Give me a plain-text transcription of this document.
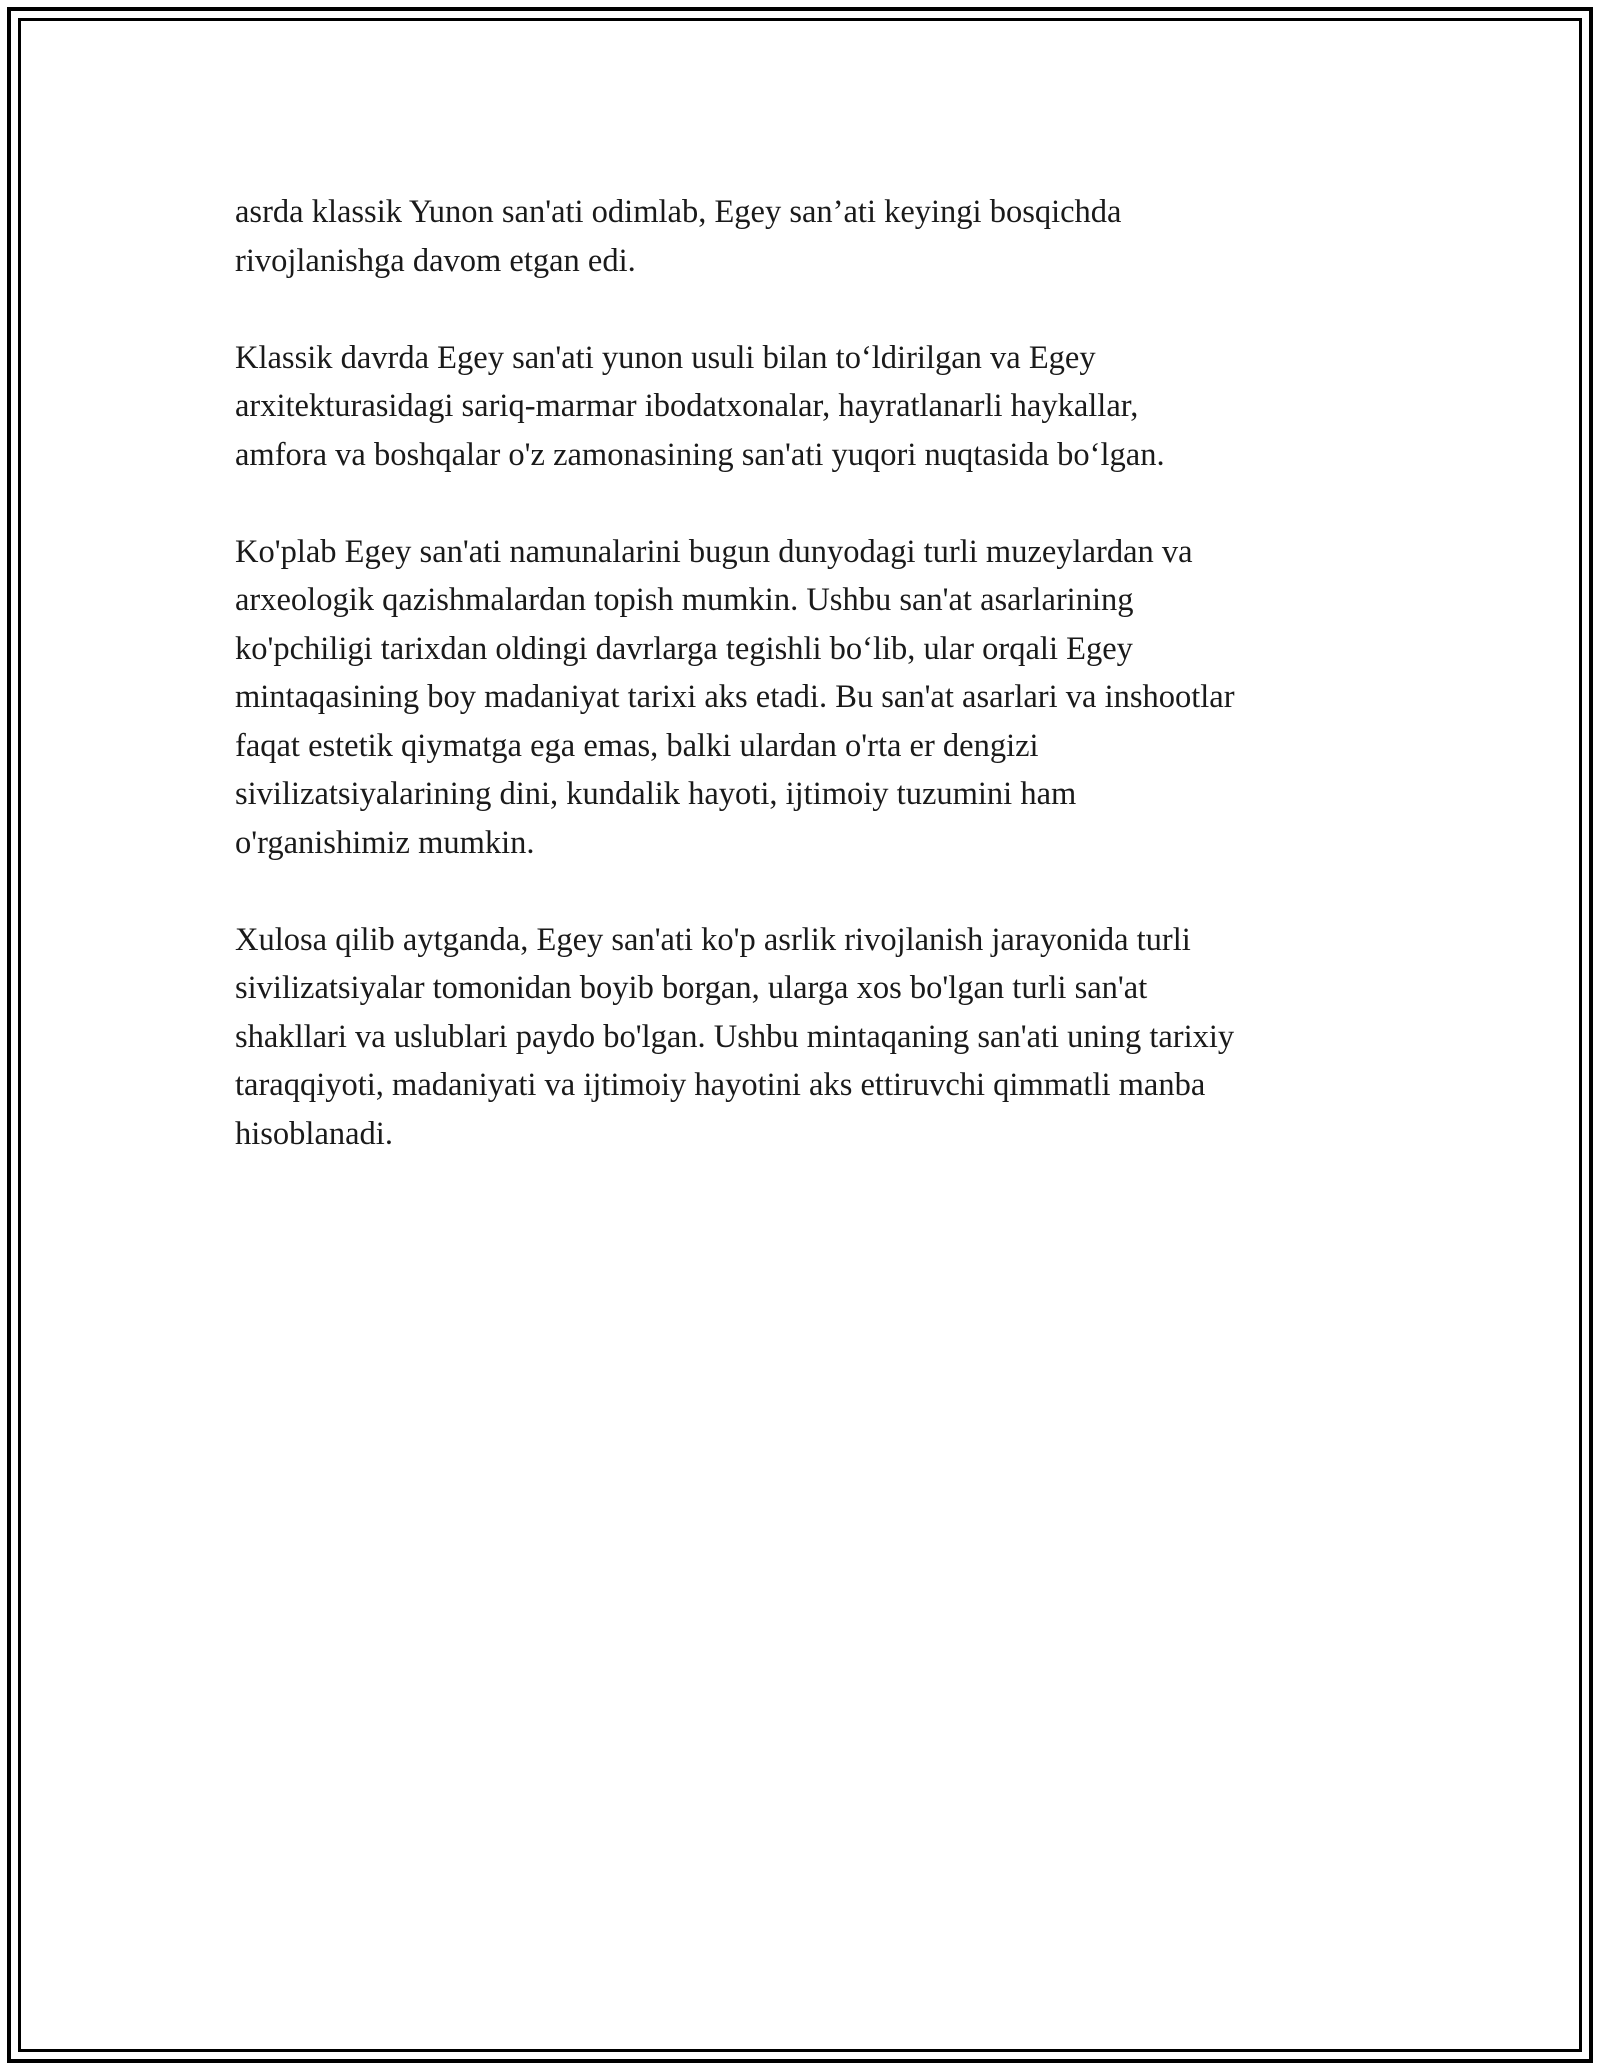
asrda klassik Yunon san'ati odimlab, Egey san’ati keyingi bosqichda
rivojlanishga davom etgan edi.

Klassik davrda Egey san'ati yunon usuli bilan to‘ldirilgan va Egey
arxitekturasidagi sariq-marmar ibodatxonalar, hayratlanarli haykallar,
amfora va boshqalar o'z zamonasining san'ati yuqori nuqtasida bo‘lgan.

Ko'plab Egey san'ati namunalarini bugun dunyodagi turli muzeylardan va
arxeologik qazishmalardan topish mumkin. Ushbu san'at asarlarining
ko'pchiligi tarixdan oldingi davrlarga tegishli bo‘lib, ular orqali Egey
mintaqasining boy madaniyat tarixi aks etadi. Bu san'at asarlari va inshootlar
faqat estetik qiymatga ega emas, balki ulardan o'rta er dengizi
sivilizatsiyalarining dini, kundalik hayoti, ijtimoiy tuzumini ham
o'rganishimiz mumkin.

Xulosa qilib aytganda, Egey san'ati ko'p asrlik rivojlanish jarayonida turli
sivilizatsiyalar tomonidan boyib borgan, ularga xos bo'lgan turli san'at
shakllari va uslublari paydo bo'lgan. Ushbu mintaqaning san'ati uning tarixiy
taraqqiyoti, madaniyati va ijtimoiy hayotini aks ettiruvchi qimmatli manba
hisoblanadi.
